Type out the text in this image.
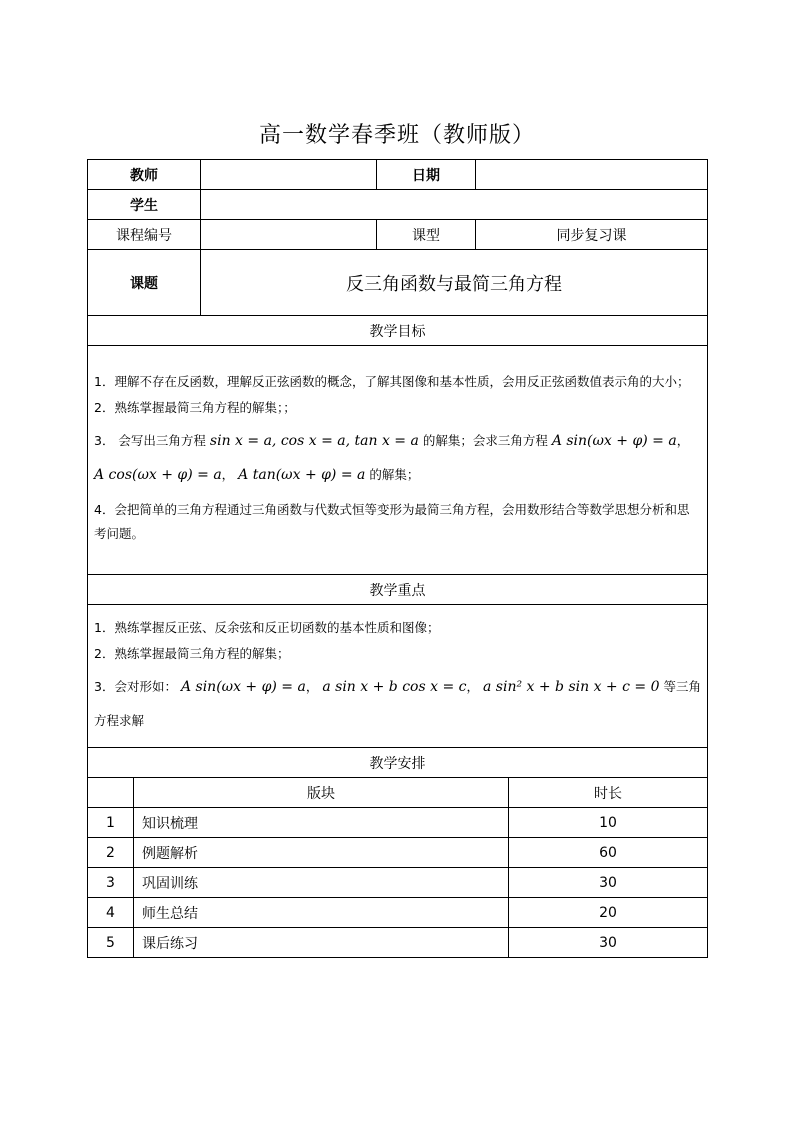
高一数学春季班（教师版）
教师		日期	
学生			
课程编号		课型	同步复习课
课题	反三角函数与最简三角方程		
教学目标			

1．理解不存在反函数，理解反正弦函数的概念，了解其图像和基本性质，会用反正弦函数值表示角的大小；

2．熟练掌握最简三角方程的解集；；

3． 会写出三角方程 sin x = a, cos x = a, tan x = a 的解集；会求三角方程 A sin(ωx + φ) = a，
A cos(ωx + φ) = a， A tan(ωx + φ) = a 的解集；

4．会把简单的三角方程通过三角函数与代数式恒等变形为最简三角方程，会用数形结合等数学思想分析和思考问题。			

教学重点			

1．熟练掌握反正弦、反余弦和反正切函数的基本性质和图像；

2．熟练掌握最简三角方程的解集；

3．会对形如： A sin(ωx + φ) = a， a sin x + b cos x = c， a sin² x + b sin x + c = 0 等三角方程求解			

教学安排			
	版块	时长
1	知识梳理	10
2	例题解析	60
3	巩固训练	30
4	师生总结	20
5	课后练习	30
